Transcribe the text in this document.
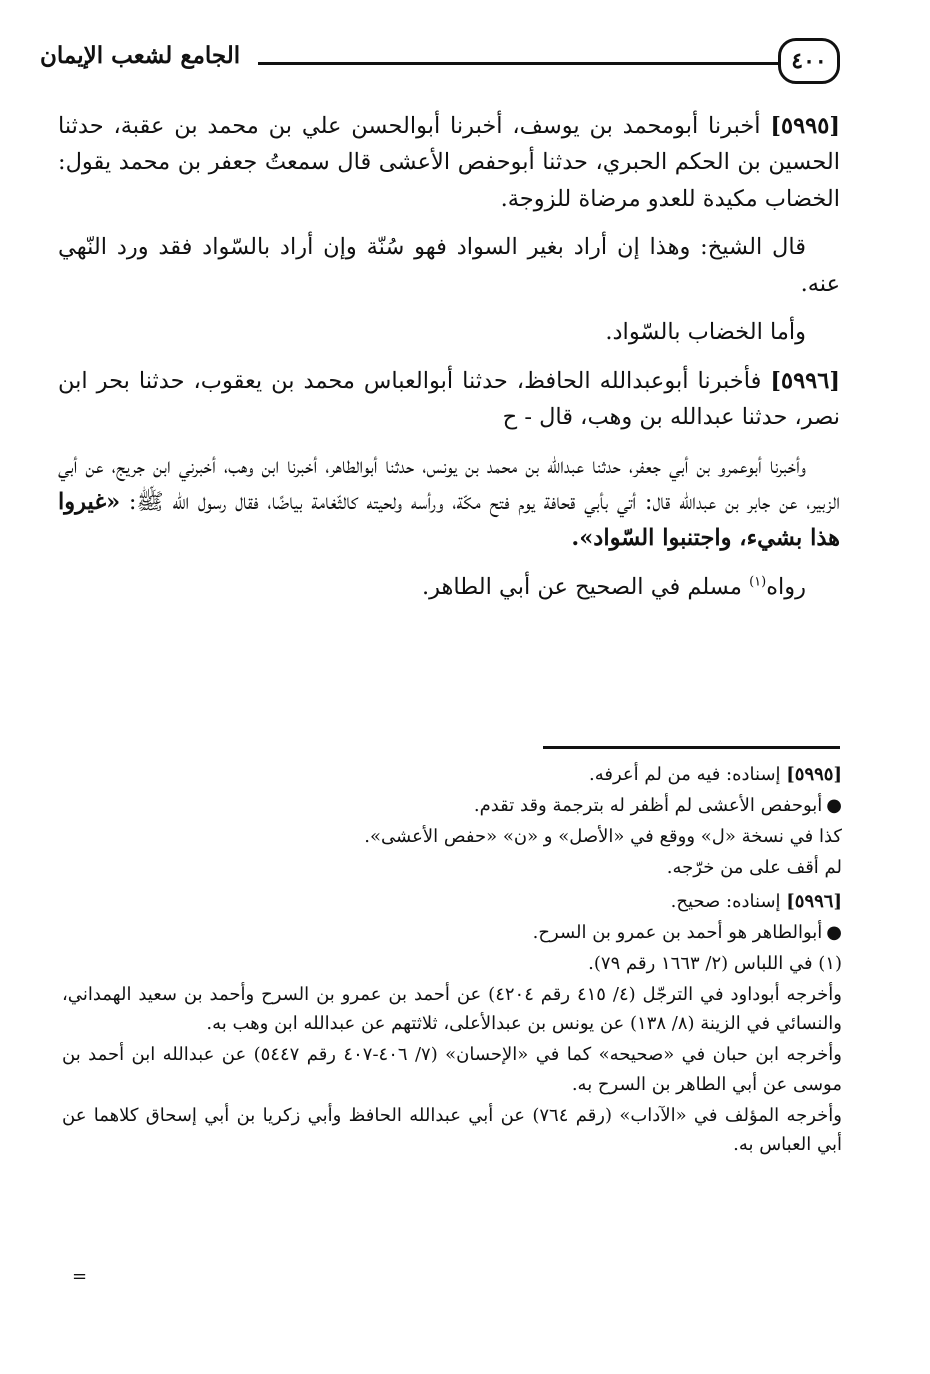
الجامع لشعب الإيمان	٤٠٠

[٥٩٩٥] أخبرنا أبومحمد بن يوسف، أخبرنا أبوالحسن علي بن محمد بن عقبة، حدثنا الحسين بن الحكم الحبري، حدثنا أبوحفص الأعشى قال سمعتُ جعفر بن محمد يقول: الخضاب مكيدة للعدو مرضاة للزوجة.

قال الشيخ: وهذا إن أراد بغير السواد فهو سُنّة وإن أراد بالسّواد فقد ورد النّهي عنه.

وأما الخضاب بالسّواد.

[٥٩٩٦] فأخبرنا أبوعبدالله الحافظ، حدثنا أبوالعباس محمد بن يعقوب، حدثنا بحر ابن نصر، حدثنا عبدالله بن وهب، قال - ح

وأخبرنا أبوعمرو بن أبي جعفر، حدثنا عبدالله بن محمد بن يونس، حدثنا أبوالطاهر، أخبرنا ابن وهب، أخبرني ابن جريج، عن أبي الزبير، عن جابر بن عبدالله قال: أتي بأبي قحافة يوم فتح مكّة، ورأسه ولحيته كالثّغامة بياضًا، فقال رسول الله ﷺ: «غيروا هذا بشيء، واجتنبوا السّواد».

رواه$^{(١)}$ مسلم في الصحيح عن أبي الطاهر.

[٥٩٩٥] إسناده: فيه من لم أعرفه.
● أبوحفص الأعشى لم أظفر له بترجمة وقد تقدم.
كذا في نسخة «ل» ووقع في «الأصل» و «ن» «حفص الأعشى».
لم أقف على من خرّجه.
[٥٩٩٦] إسناده: صحيح.
● أبوالطاهر هو أحمد بن عمرو بن السرح.
(١) في اللباس (٢/ ١٦٦٣ رقم ٧٩).
وأخرجه أبوداود في الترجّل (٤/ ٤١٥ رقم ٤٢٠٤) عن أحمد بن عمرو بن السرح وأحمد بن سعيد الهمداني، والنسائي في الزينة (٨/ ١٣٨) عن يونس بن عبدالأعلى، ثلاثتهم عن عبدالله ابن وهب به.
وأخرجه ابن حبان في «صحيحه» كما في «الإحسان» (٧/ ٤٠٦-٤٠٧ رقم ٥٤٤٧) عن عبدالله ابن أحمد بن موسى عن أبي الطاهر بن السرح به.
وأخرجه المؤلف في «الآداب» (رقم ٧٦٤) عن أبي عبدالله الحافظ وأبي زكريا بن أبي إسحاق كلاهما عن أبي العباس به.
=
